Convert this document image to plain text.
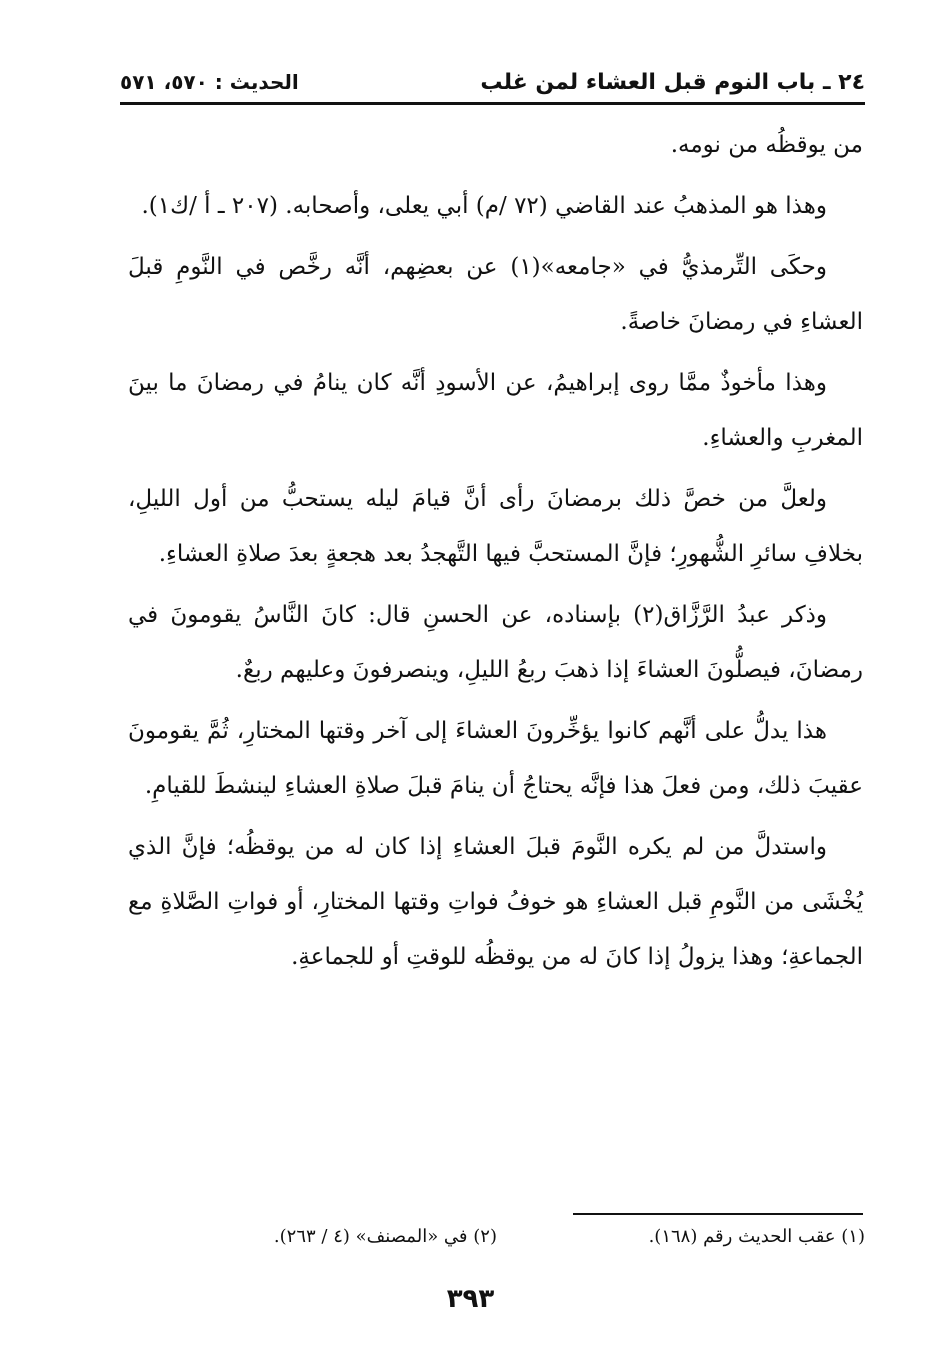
٢٤ ـ باب النوم قبل العشاء لمن غلب
الحديث : ٥٧٠، ٥٧١

من يوقظُه من نومه.

وهذا هو المذهبُ عند القاضي (٧٢ /م) أبي يعلى، وأصحابه. (٢٠٧ ـ أ /ك١).

وحكَى التِّرمذيُّ في «جامعه»(١) عن بعضِهم، أنَّه رخَّص في النَّومِ قبلَ العشاءِ في رمضانَ خاصةً.

وهذا مأخوذٌ ممَّا روى إبراهيمُ، عن الأسودِ أنَّه كان ينامُ في رمضانَ ما بينَ المغربِ والعشاءِ.

ولعلَّ من خصَّ ذلك برمضانَ رأى أنَّ قيامَ ليله يستحبُّ من أول الليلِ، بخلافِ سائرِ الشُّهورِ؛ فإنَّ المستحبَّ فيها التَّهجدُ بعد هجعةٍ بعدَ صلاةِ العشاءِ.

وذكر عبدُ الرَّزَّاق(٢) بإسناده، عن الحسنِ قال: كانَ النَّاسُ يقومونَ في رمضانَ، فيصلُّونَ العشاءَ إذا ذهبَ ربعُ الليلِ، وينصرفونَ وعليهم ربعٌ.

هذا يدلُّ على أنَّهم كانوا يؤخِّرونَ العشاءَ إلى آخر وقتها المختارِ، ثُمَّ يقومونَ عقيبَ ذلك، ومن فعلَ هذا فإنَّه يحتاجُ أن ينامَ قبلَ صلاةِ العشاءِ لينشطَ للقيامِ.

واستدلَّ من لم يكره النَّومَ قبلَ العشاءِ إذا كان له من يوقظُه؛ فإنَّ الذي يُخْشَى من النَّومِ قبل العشاءِ هو خوفُ فواتِ وقتها المختارِ، أو فواتِ الصَّلاةِ مع الجماعةِ؛ وهذا يزولُ إذا كانَ له من يوقظُه للوقتِ أو للجماعةِ.

(١) عقب الحديث رقم (١٦٨).
(٢) في «المصنف» (٤ / ٢٦٣).
٣٩٣
